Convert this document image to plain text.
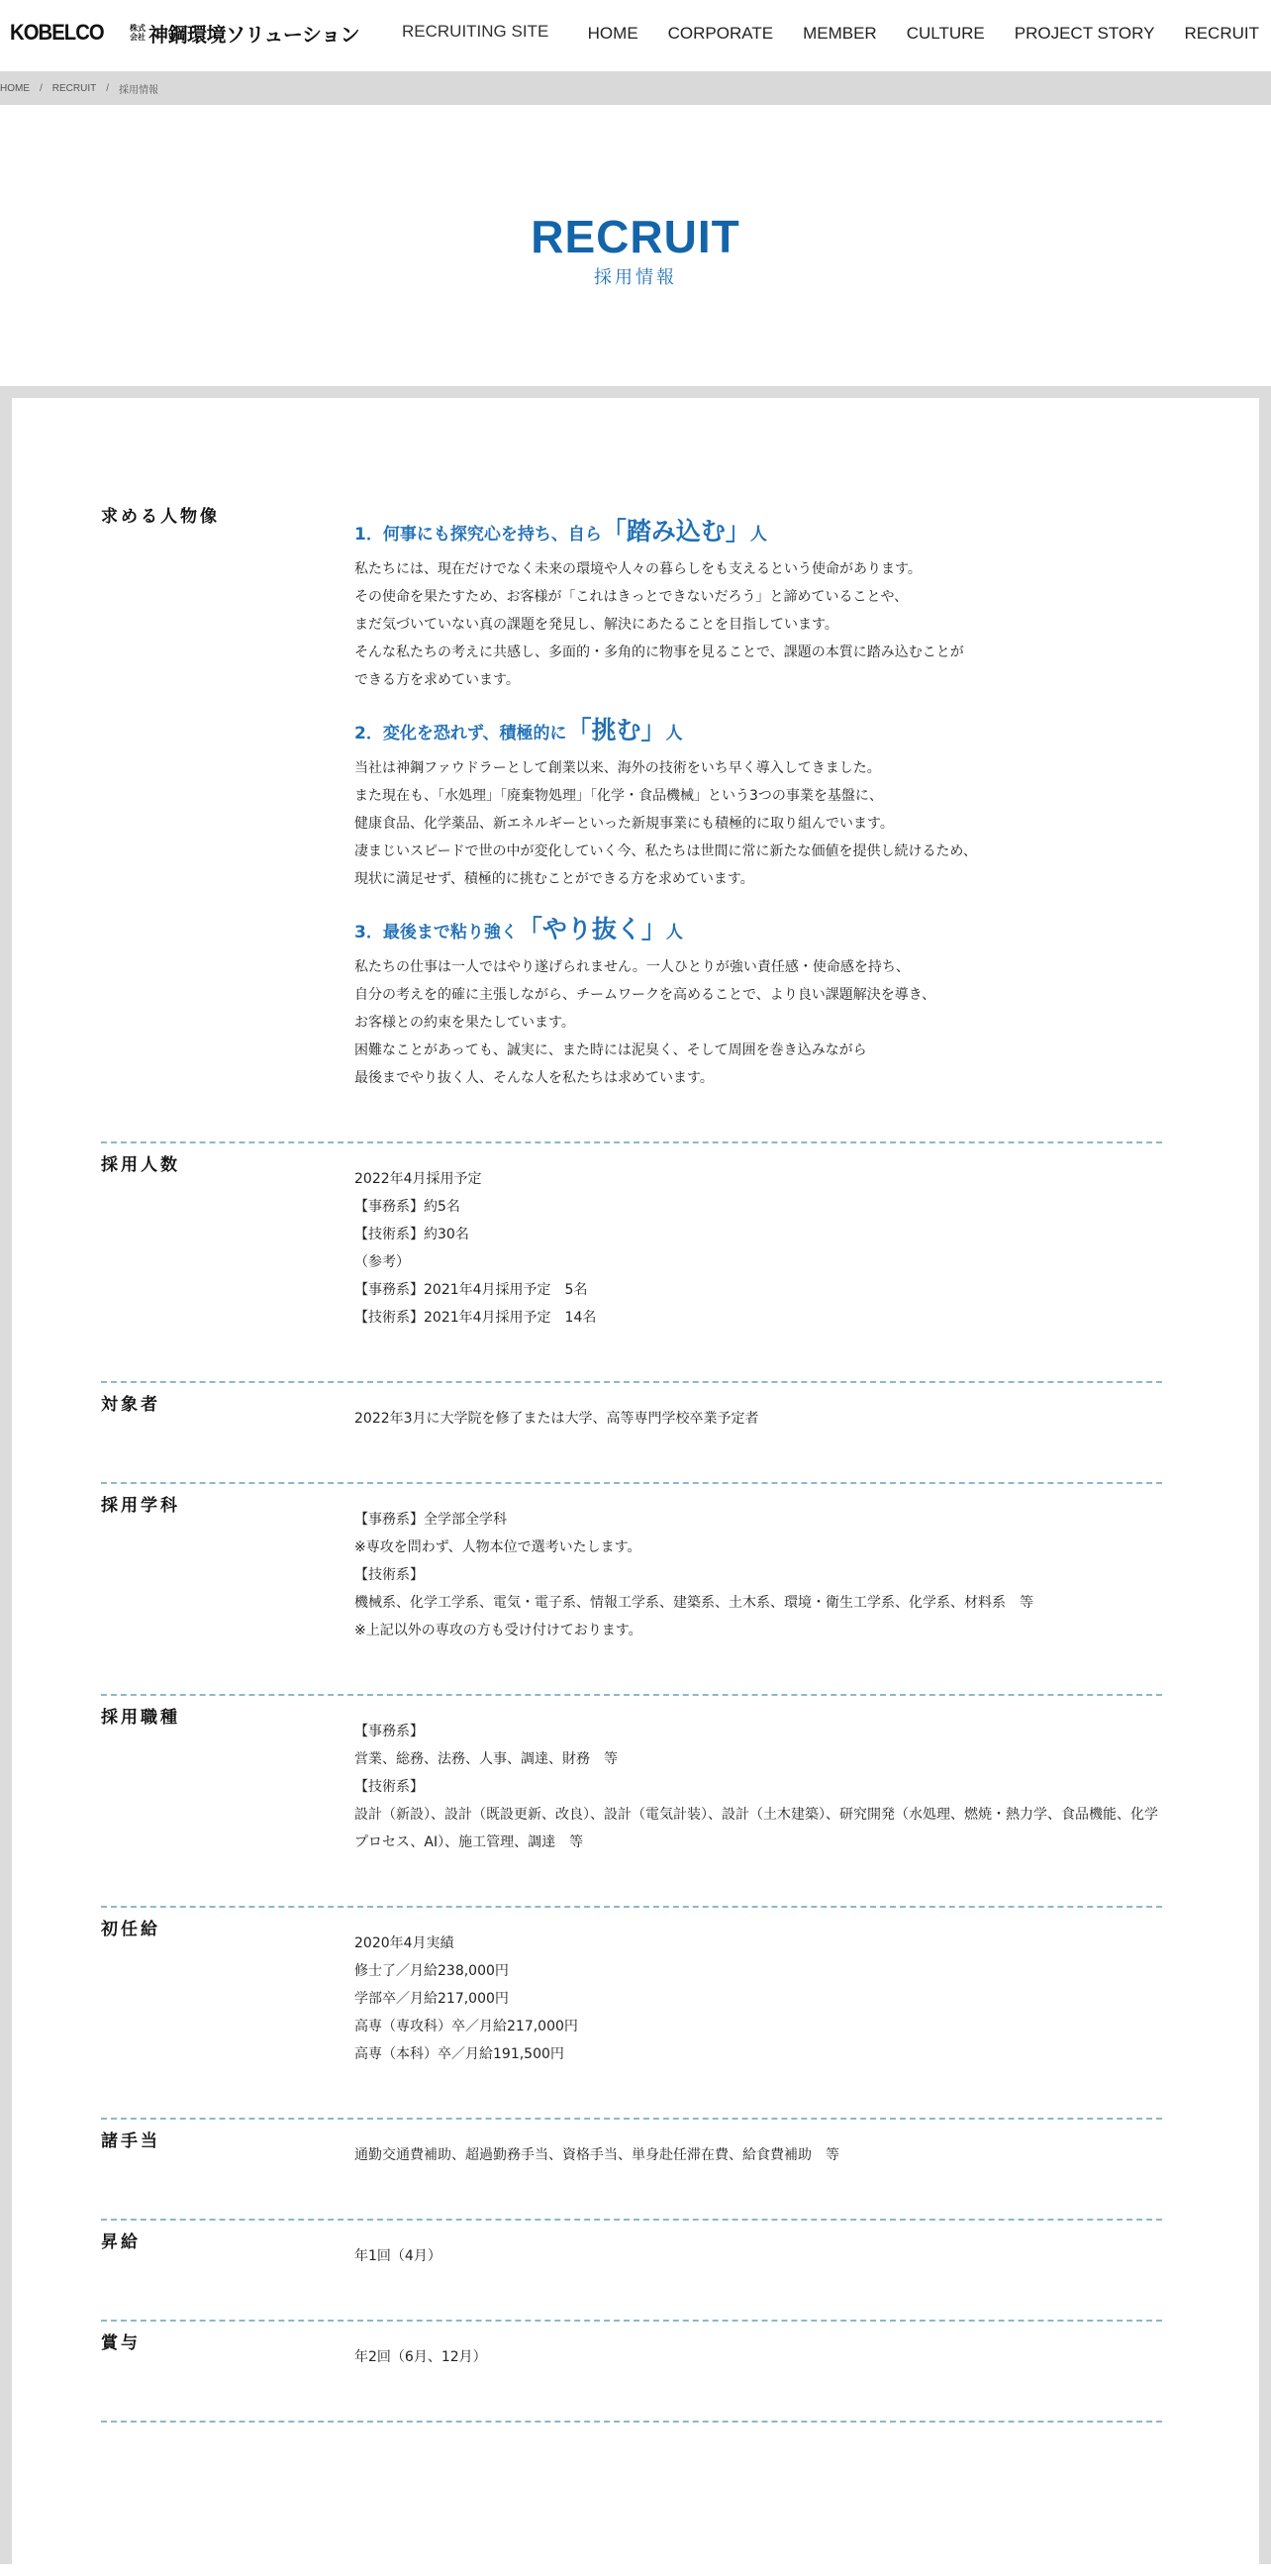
KOBELCO	株式
会社 神鋼環境ソリューション	RECRUITING SITE HOME CORPORATE MEMBER CULTURE PROJECT STORY RECRUIT
HOME / RECRUIT / 採用情報
RECRUIT
採用情報
求める人物像
1．何事にも探究心を持ち、自ら「踏み込む」人

私たちには、現在だけでなく未来の環境や人々の暮らしをも支えるという使命があります。
その使命を果たすため、お客様が「これはきっとできないだろう」と諦めていることや、
まだ気づいていない真の課題を発見し、解決にあたることを目指しています。
そんな私たちの考えに共感し、多面的・多角的に物事を見ることで、課題の本質に踏み込むことが
できる方を求めています。

2．変化を恐れず、積極的に「挑む」人

当社は神鋼ファウドラーとして創業以来、海外の技術をいち早く導入してきました。
また現在も、「水処理」「廃棄物処理」「化学・食品機械」という3つの事業を基盤に、
健康食品、化学薬品、新エネルギーといった新規事業にも積極的に取り組んでいます。
凄まじいスピードで世の中が変化していく今、私たちは世間に常に新たな価値を提供し続けるため、
現状に満足せず、積極的に挑むことができる方を求めています。

3．最後まで粘り強く「やり抜く」人

私たちの仕事は一人ではやり遂げられません。一人ひとりが強い責任感・使命感を持ち、
自分の考えを的確に主張しながら、チームワークを高めることで、より良い課題解決を導き、
お客様との約束を果たしています。
困難なことがあっても、誠実に、また時には泥臭く、そして周囲を巻き込みながら
最後までやり抜く人、そんな人を私たちは求めています。

採用人数

2022年4月採用予定
【事務系】約5名
【技術系】約30名
（参考）
【事務系】2021年4月採用予定　5名
【技術系】2021年4月採用予定　14名

対象者

2022年3月に大学院を修了または大学、高等専門学校卒業予定者

採用学科

【事務系】全学部全学科
※専攻を問わず、人物本位で選考いたします。
【技術系】
機械系、化学工学系、電気・電子系、情報工学系、建築系、土木系、環境・衛生工学系、化学系、材料系　等
※上記以外の専攻の方も受け付けております。

採用職種

【事務系】
営業、総務、法務、人事、調達、財務　等
【技術系】
設計（新設）、設計（既設更新、改良）、設計（電気計装）、設計（土木建築）、研究開発（水処理、燃焼・熱力学、食品機能、化学プロセス、AI）、施工管理、調達　等

初任給

2020年4月実績
修士了／月給238,000円
学部卒／月給217,000円
高専（専攻科）卒／月給217,000円
高専（本科）卒／月給191,500円

諸手当

通勤交通費補助、超過勤務手当、資格手当、単身赴任滞在費、給食費補助　等

昇給

年1回（4月）

賞与

年2回（6月、12月）
